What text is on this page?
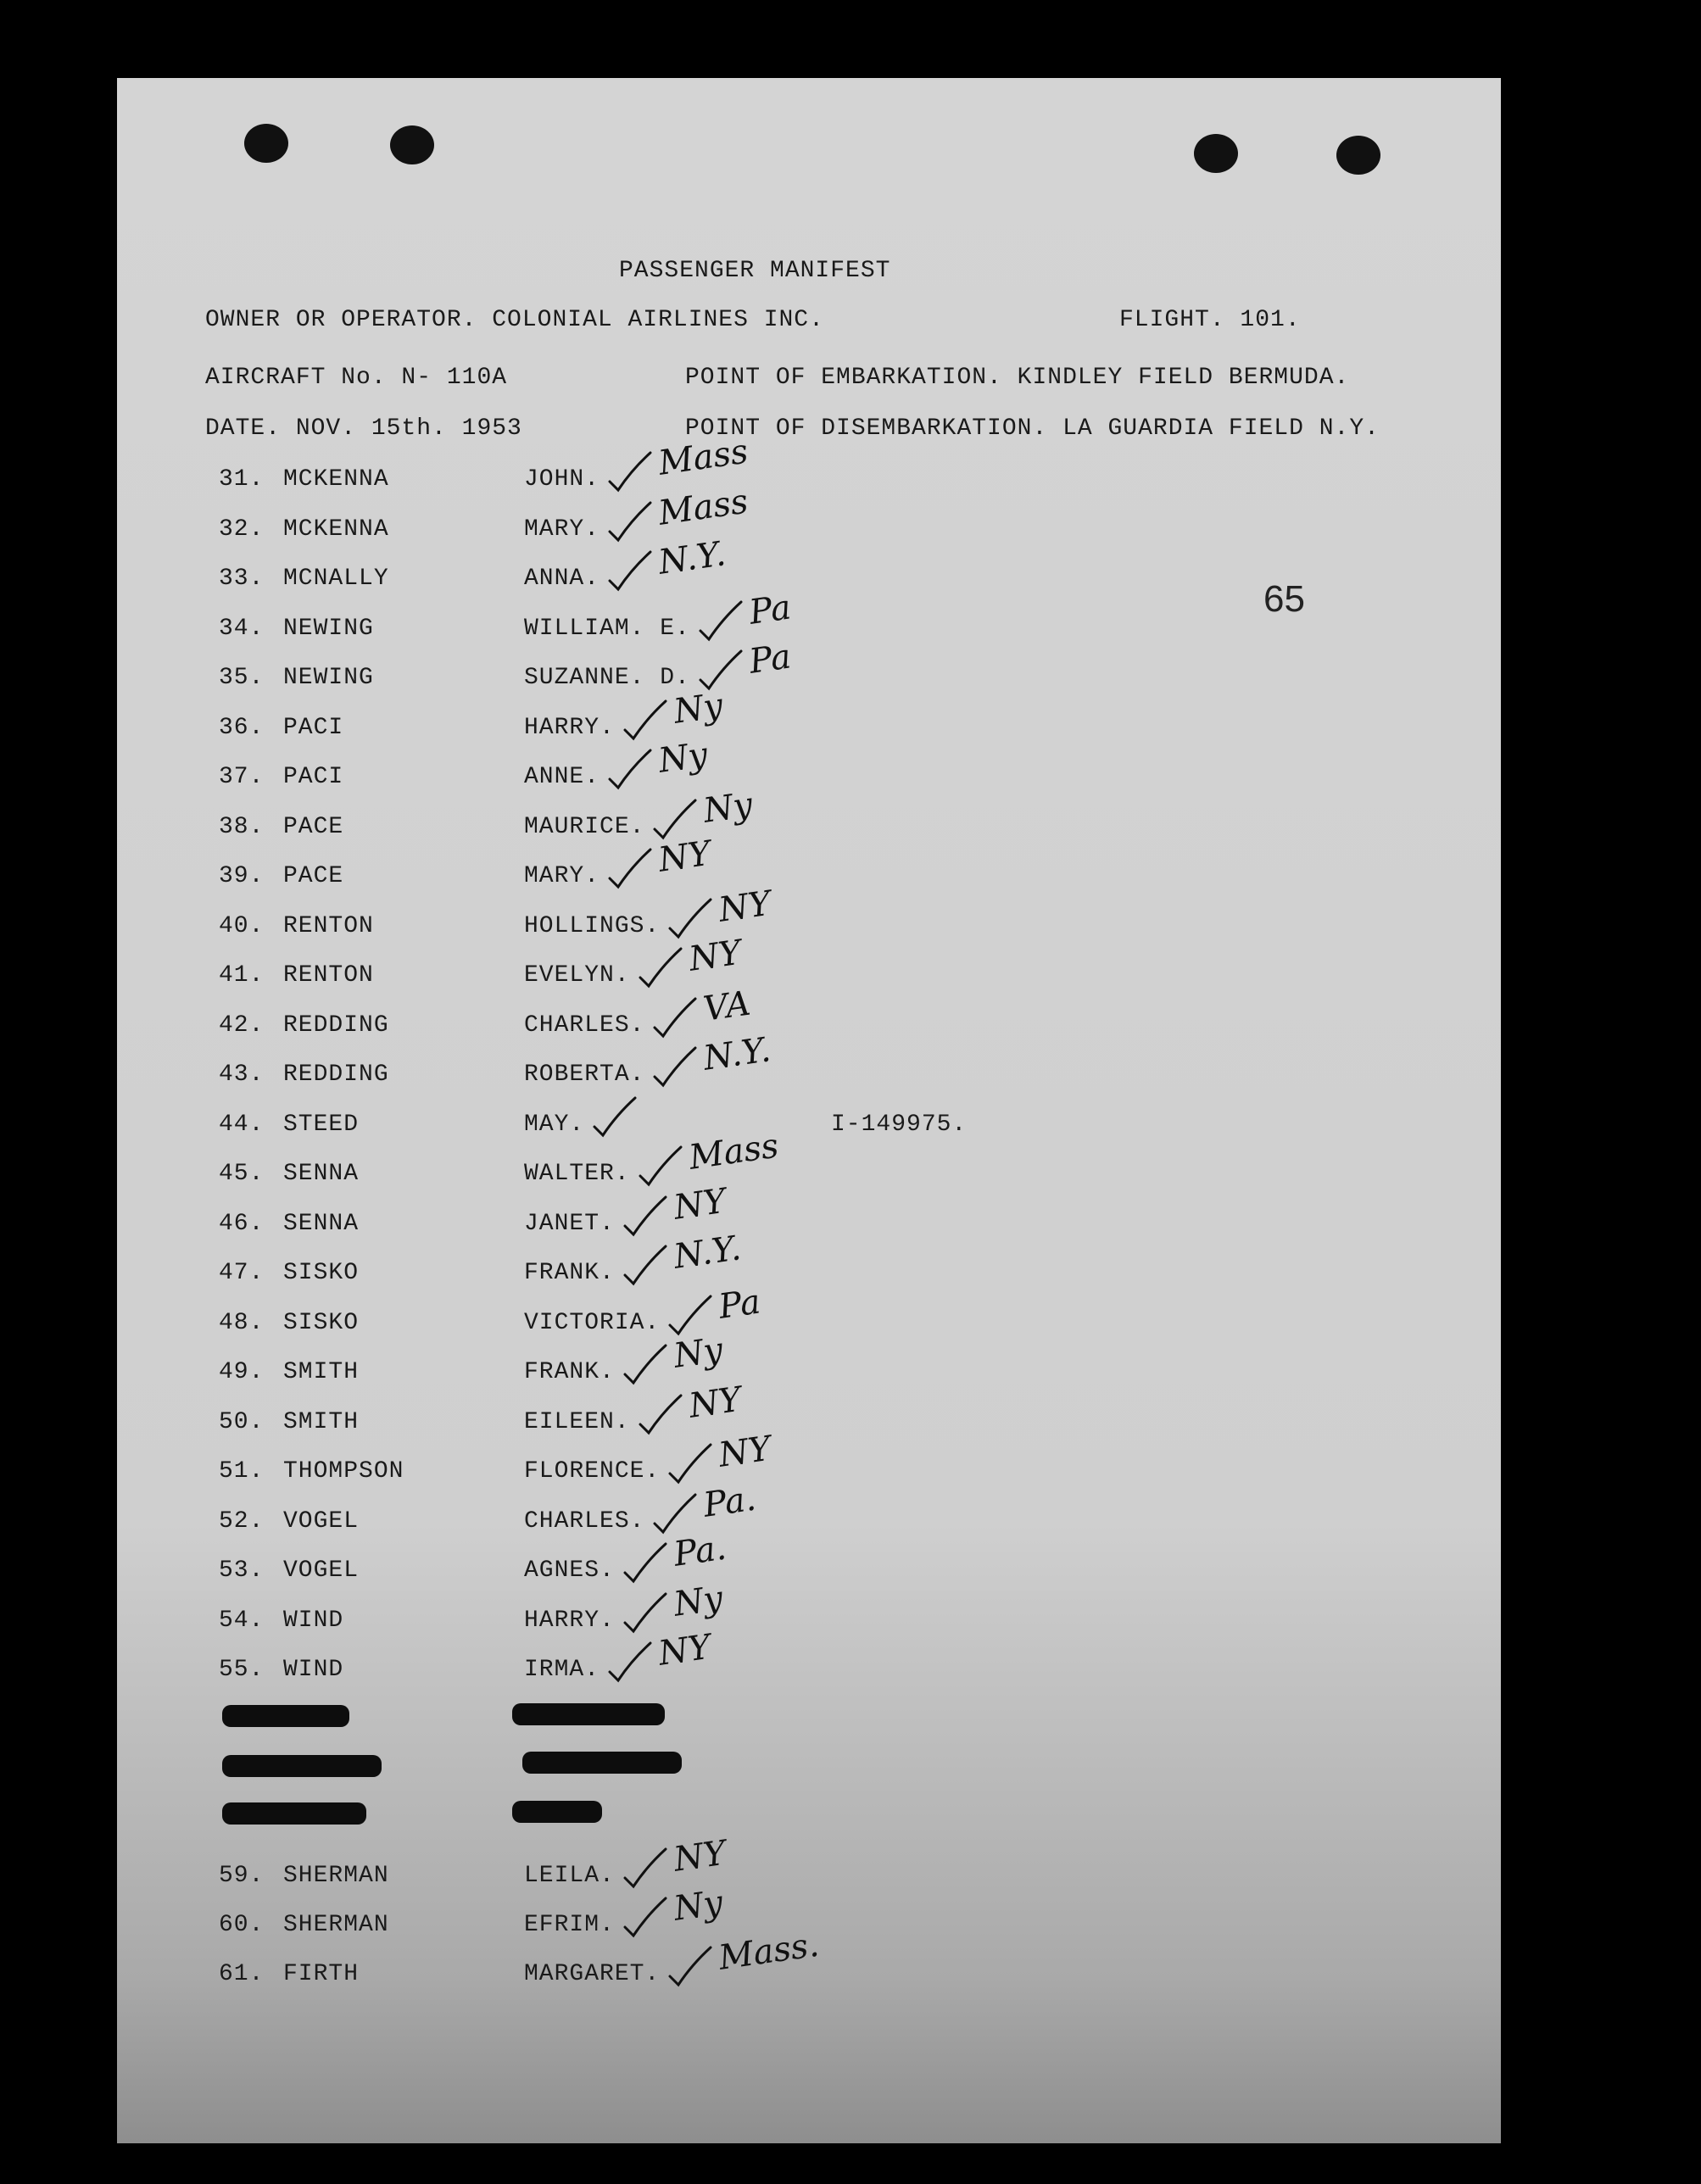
PASSENGER MANIFEST
OWNER OR OPERATOR. COLONIAL AIRLINES INC.	FLIGHT. 101.
AIRCRAFT No. N- 110A	POINT OF EMBARKATION. KINDLEY FIELD BERMUDA.
DATE. NOV. 15th. 1953	POINT OF DISEMBARKATION. LA GUARDIA FIELD N.Y.
65
31. MCKENNA	JOHN. Mass
32. MCKENNA	MARY. Mass
33. MCNALLY	ANNA. N.Y.
34. NEWING	WILLIAM. E. Pa
35. NEWING	SUZANNE. D. Pa
36. PACI	HARRY. Ny
37. PACI	ANNE. Ny
38. PACE	MAURICE. Ny
39. PACE	MARY. NY
40. RENTON	HOLLINGS. NY
41. RENTON	EVELYN. NY
42. REDDING	CHARLES. VA
43. REDDING	ROBERTA. N.Y.
44. STEED	MAY.	I-149975.
45. SENNA	WALTER. Mass
46. SENNA	JANET. NY
47. SISKO	FRANK. N.Y.
48. SISKO	VICTORIA. Pa
49. SMITH	FRANK. Ny
50. SMITH	EILEEN. NY
51. THOMPSON	FLORENCE. NY
52. VOGEL	CHARLES. Pa.
53. VOGEL	AGNES. Pa.
54. WIND	HARRY. Ny
55. WIND	IRMA. NY
59. SHERMAN	LEILA. NY
60. SHERMAN	EFRIM. Ny
61. FIRTH	MARGARET. Mass.
